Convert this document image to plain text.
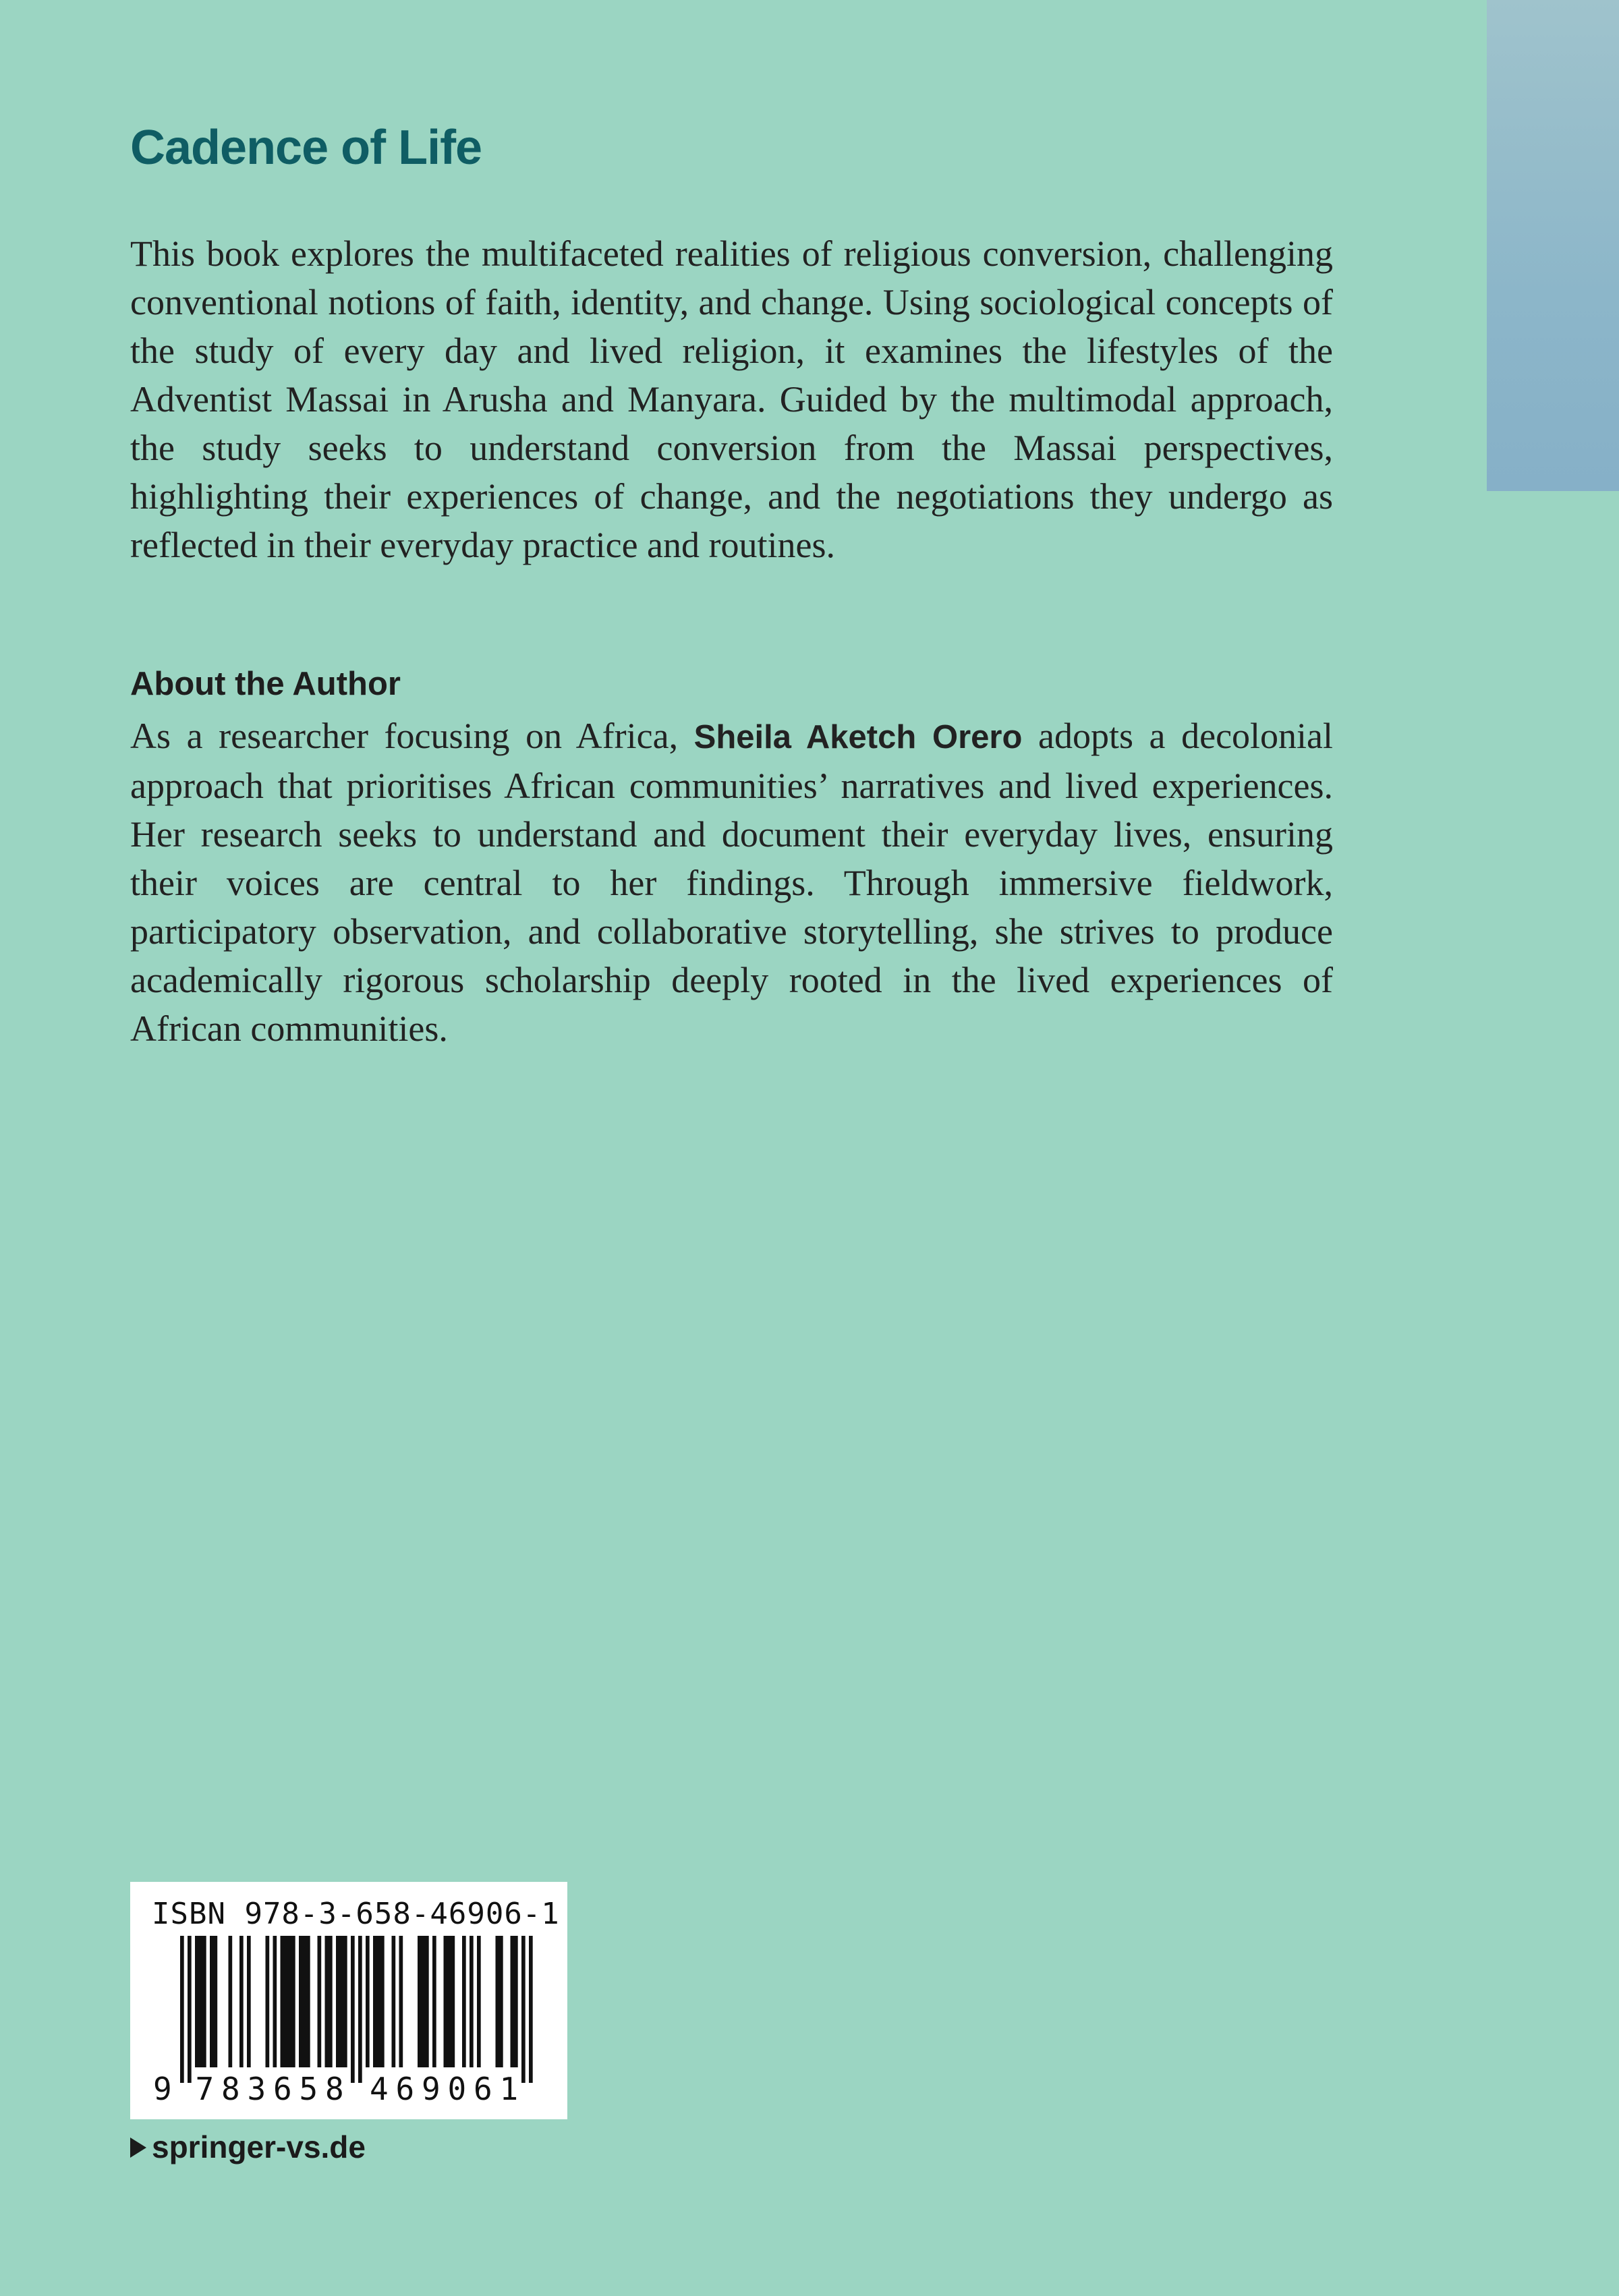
Cadence of Life

This book explores the multifaceted realities of religious conversion, challenging conventional notions of faith, identity, and change. Using sociological concepts of the study of every day and lived religion, it examines the lifestyles of the Adventist Massai in Arusha and Manyara. Guided by the multimodal approach, the study seeks to understand conversion from the Massai perspectives, highlighting their experiences of change, and the negotiations they undergo as reflected in their everyday practice and routines.

About the Author

As a researcher focusing on Africa, Sheila Aketch Orero adopts a decolonial approach that prioritises African communities’ narratives and lived experiences. Her research seeks to understand and document their everyday lives, ensuring their voices are central to her findings. Through immersive fieldwork, participatory observation, and collaborative storytelling, she strives to produce academically rigorous scholarship deeply rooted in the lived experiences of African communities.

ISBN 978-3-658-46906-1
9 7 8 3 6 5 8 4 6 9 0 6 1
springer-vs.de
